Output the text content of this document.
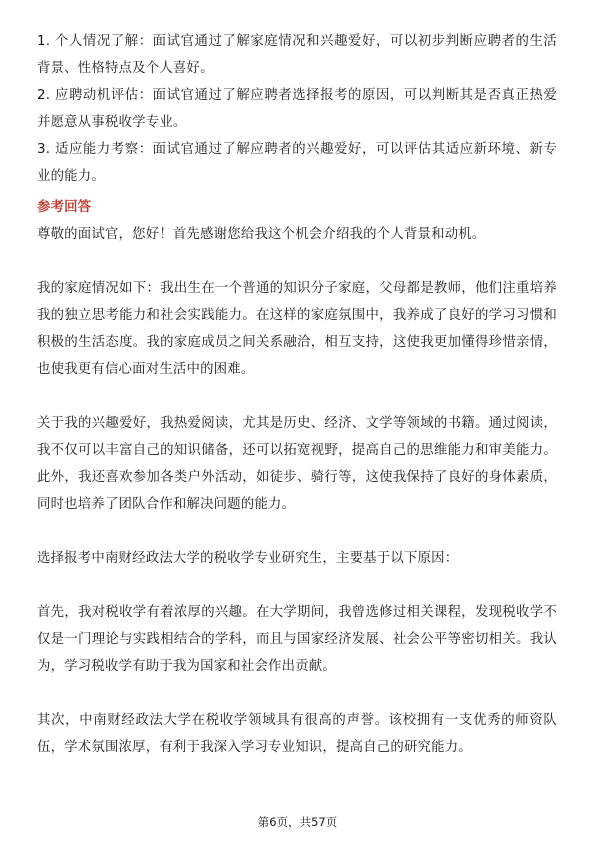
1. 个人情况了解：面试官通过了解家庭情况和兴趣爱好，可以初步判断应聘者的生活背景、性格特点及个人喜好。

2. 应聘动机评估：面试官通过了解应聘者选择报考的原因，可以判断其是否真正热爱并愿意从事税收学专业。

3. 适应能力考察：面试官通过了解应聘者的兴趣爱好，可以评估其适应新环境、新专业的能力。

参考回答

尊敬的面试官，您好！首先感谢您给我这个机会介绍我的个人背景和动机。

我的家庭情况如下：我出生在一个普通的知识分子家庭，父母都是教师，他们注重培养我的独立思考能力和社会实践能力。在这样的家庭氛围中，我养成了良好的学习习惯和积极的生活态度。我的家庭成员之间关系融洽，相互支持，这使我更加懂得珍惜亲情，也使我更有信心面对生活中的困难。

关于我的兴趣爱好，我热爱阅读，尤其是历史、经济、文学等领域的书籍。通过阅读，我不仅可以丰富自己的知识储备，还可以拓宽视野，提高自己的思维能力和审美能力。此外，我还喜欢参加各类户外活动，如徒步、骑行等，这使我保持了良好的身体素质，同时也培养了团队合作和解决问题的能力。

选择报考中南财经政法大学的税收学专业研究生，主要基于以下原因：

首先，我对税收学有着浓厚的兴趣。在大学期间，我曾选修过相关课程，发现税收学不仅是一门理论与实践相结合的学科，而且与国家经济发展、社会公平等密切相关。我认为，学习税收学有助于我为国家和社会作出贡献。

其次，中南财经政法大学在税收学领域具有很高的声誉。该校拥有一支优秀的师资队伍，学术氛围浓厚，有利于我深入学习专业知识，提高自己的研究能力。

第6页，共57页
